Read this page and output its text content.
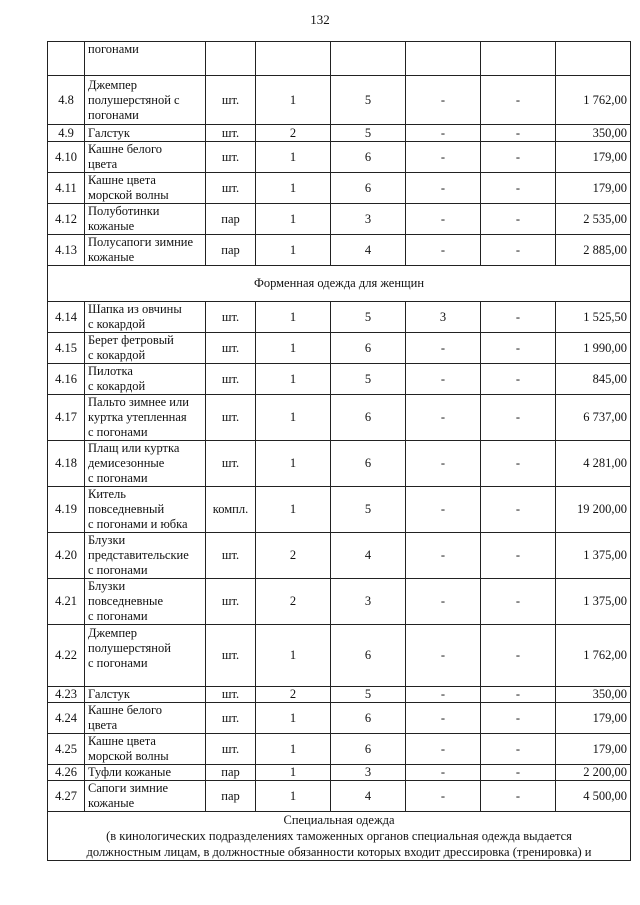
132

	погонами						

4.8	Джемпер
полушерстяной с
погонами	шт.	1	5	-	-	1 762,00
4.9	Галстук	шт.	2	5	-	-	350,00
4.10	Кашне белого
цвета	шт.	1	6	-	-	179,00
4.11	Кашне цвета
морской волны	шт.	1	6	-	-	179,00
4.12	Полуботинки
кожаные	пар	1	3	-	-	2 535,00
4.13	Полусапоги зимние
кожаные	пар	1	4	-	-	2 885,00
Форменная одежда для женщин							
4.14	Шапка из овчины
с кокардой	шт.	1	5	3	-	1 525,50
4.15	Берет фетровый
с кокардой	шт.	1	6	-	-	1 990,00
4.16	Пилотка
с кокардой	шт.	1	5	-	-	845,00
4.17	Пальто зимнее или
куртка утепленная
с погонами	шт.	1	6	-	-	6 737,00
4.18	Плащ или куртка
демисезонные
с погонами	шт.	1	6	-	-	4 281,00
4.19	Китель
повседневный
с погонами и юбка	компл.	1	5	-	-	19 200,00
4.20	Блузки
представительские
с погонами	шт.	2	4	-	-	1 375,00
4.21	Блузки
повседневные
с погонами	шт.	2	3	-	-	1 375,00
4.22	Джемпер
полушерстяной
с погонами	шт.	1	6	-	-	1 762,00
4.23	Галстук	шт.	2	5	-	-	350,00
4.24	Кашне белого
цвета	шт.	1	6	-	-	179,00
4.25	Кашне цвета
морской волны	шт.	1	6	-	-	179,00
4.26	Туфли кожаные	пар	1	3	-	-	2 200,00
4.27	Сапоги зимние
кожаные	пар	1	4	-	-	4 500,00

Специальная одежда
(в кинологических подразделениях таможенных органов специальная одежда выдается
должностным лицам, в должностные обязанности которых входит дрессировка (тренировка) и							
